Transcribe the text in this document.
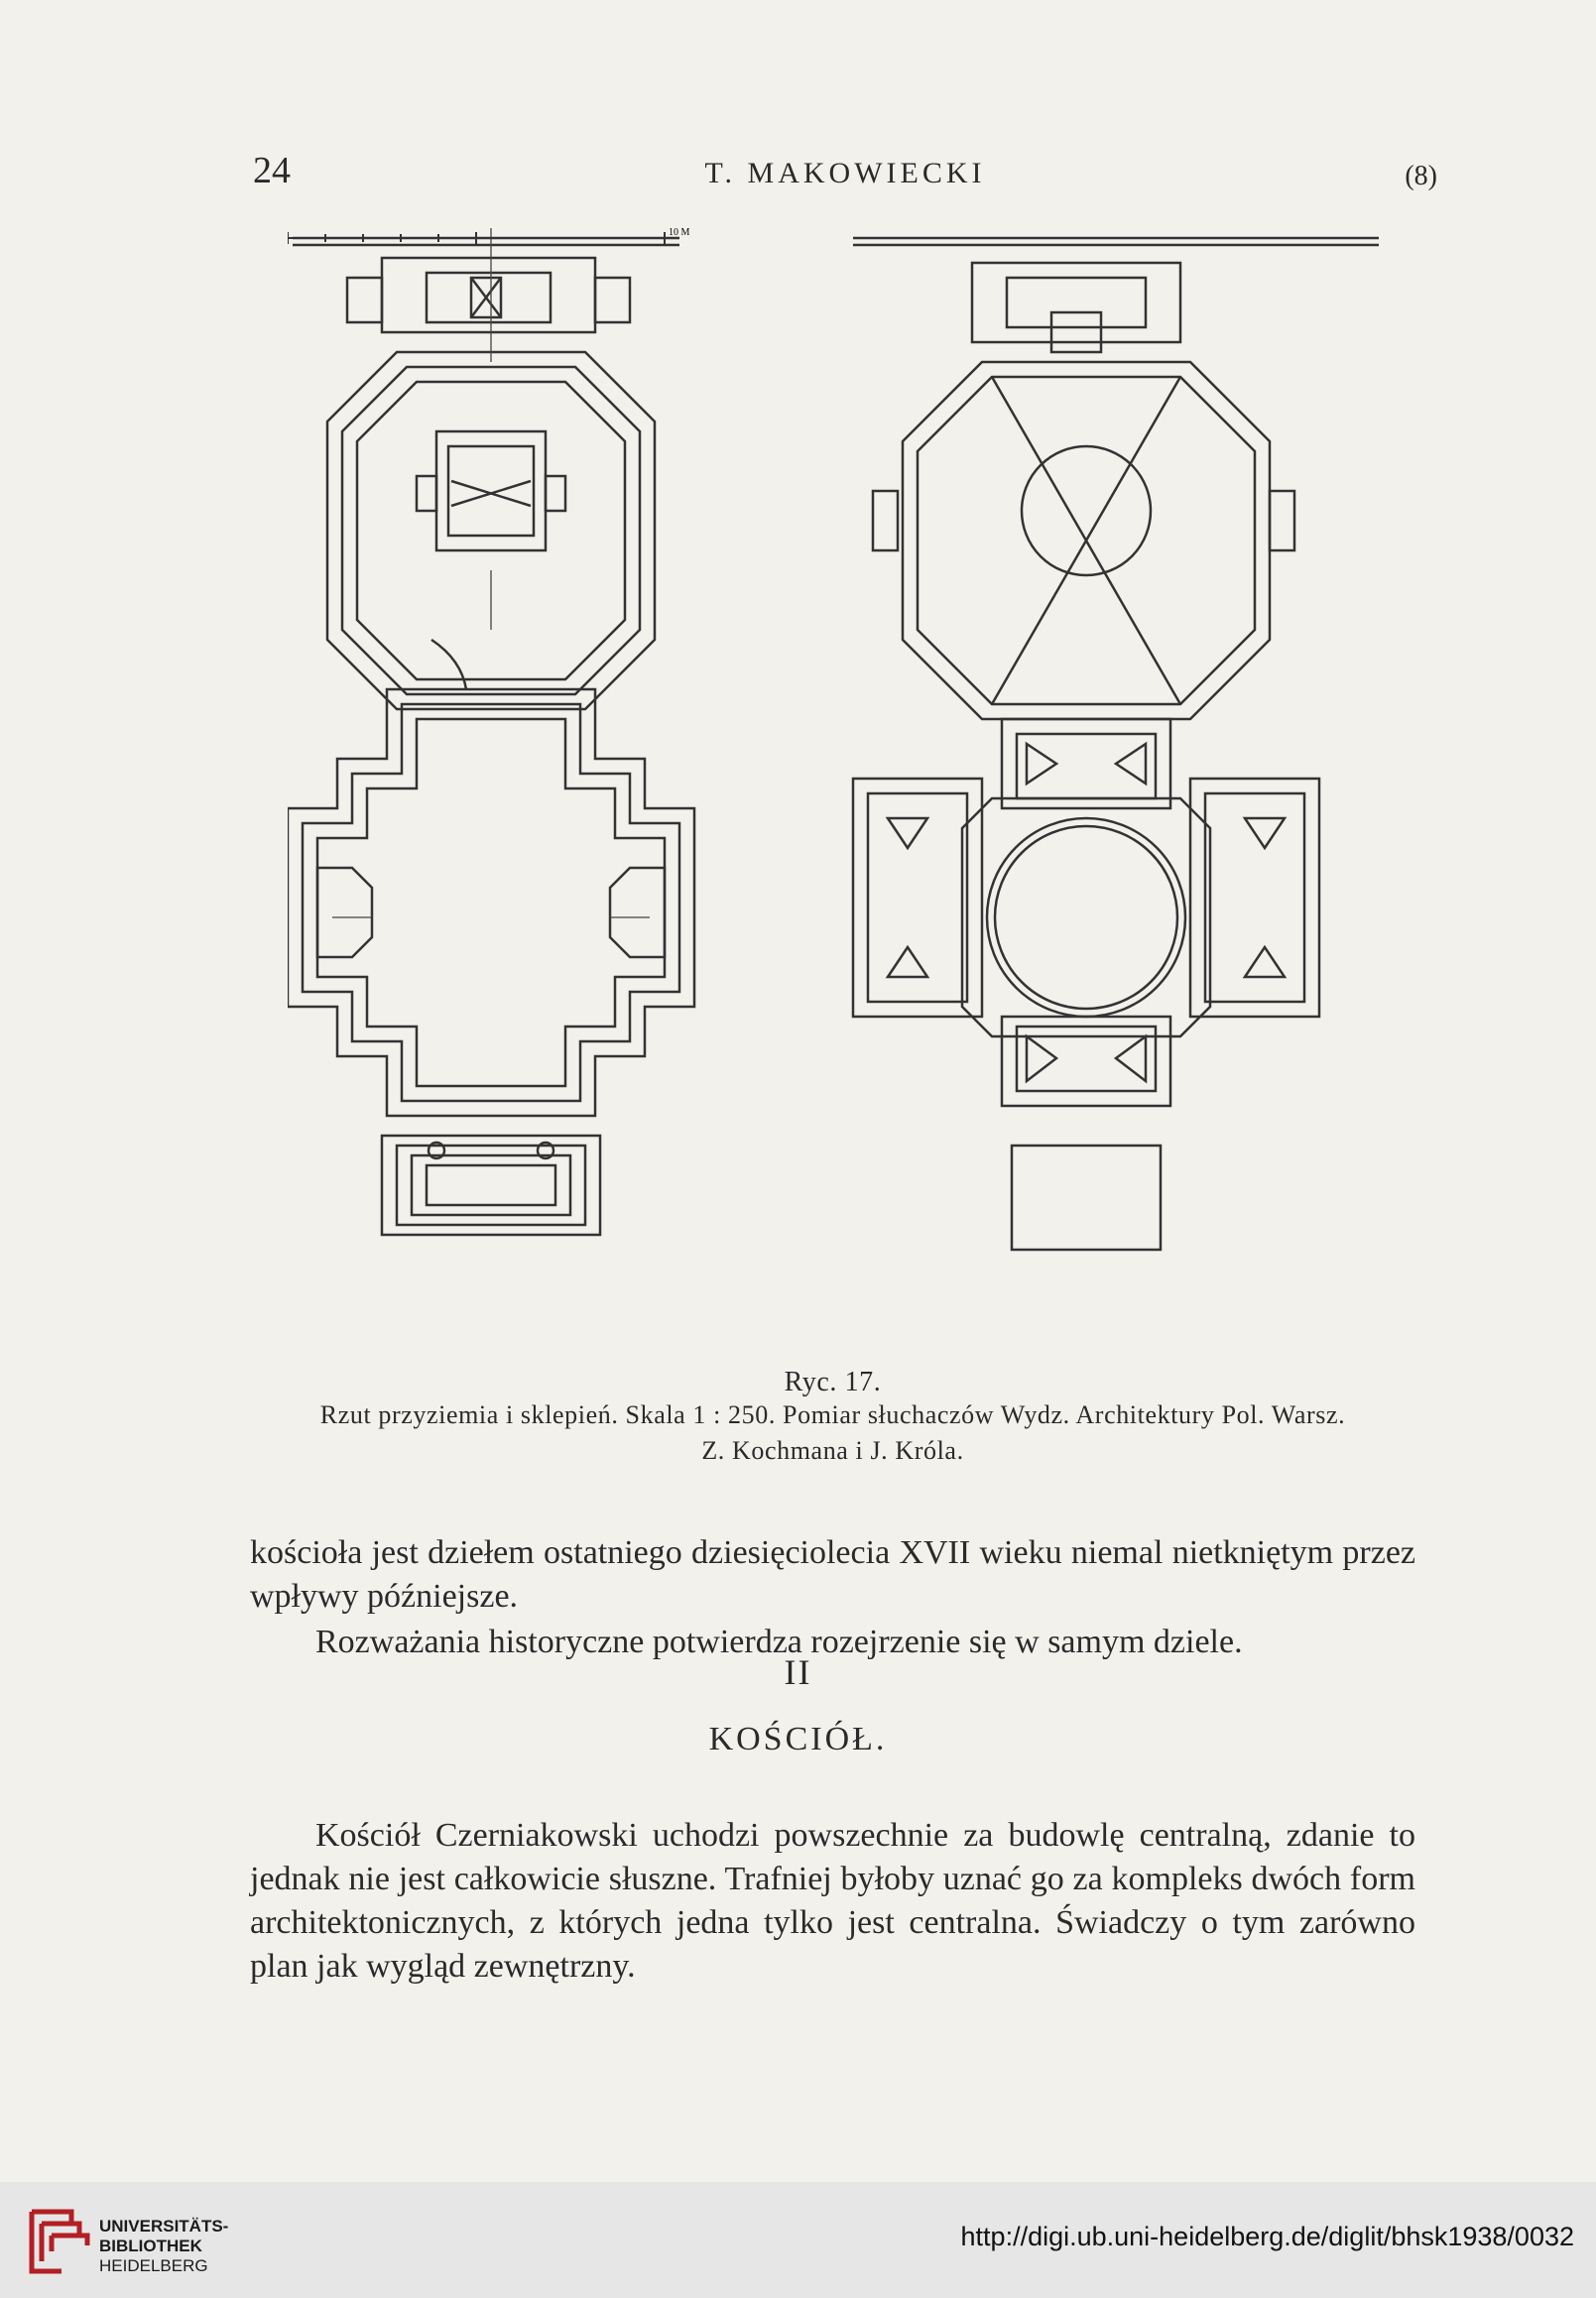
24	T. MAKOWIECKI	(8)
10 M
Ryc. 17.
Rzut przyziemia i sklepień. Skala 1 : 250. Pomiar słuchaczów Wydz. Architektury Pol. Warsz.
Z. Kochmana i J. Króla.

kościoła jest dziełem ostatniego dziesięciolecia XVII wieku niemal nietkniętym przez wpływy późniejsze.

Rozważania historyczne potwierdza rozejrzenie się w samym dziele.

II
KOŚCIÓŁ.

Kościół Czerniakowski uchodzi powszechnie za budowlę centralną, zdanie to jednak nie jest całkowicie słuszne. Trafniej byłoby uznać go za kompleks dwóch form architektonicznych, z których jedna tylko jest centralna. Świadczy o tym zarówno plan jak wygląd zewnętrzny.

UNIVERSITÄTS-
BIBLIOTHEK
HEIDELBERG
http://digi.ub.uni-heidelberg.de/diglit/bhsk1938/0032
